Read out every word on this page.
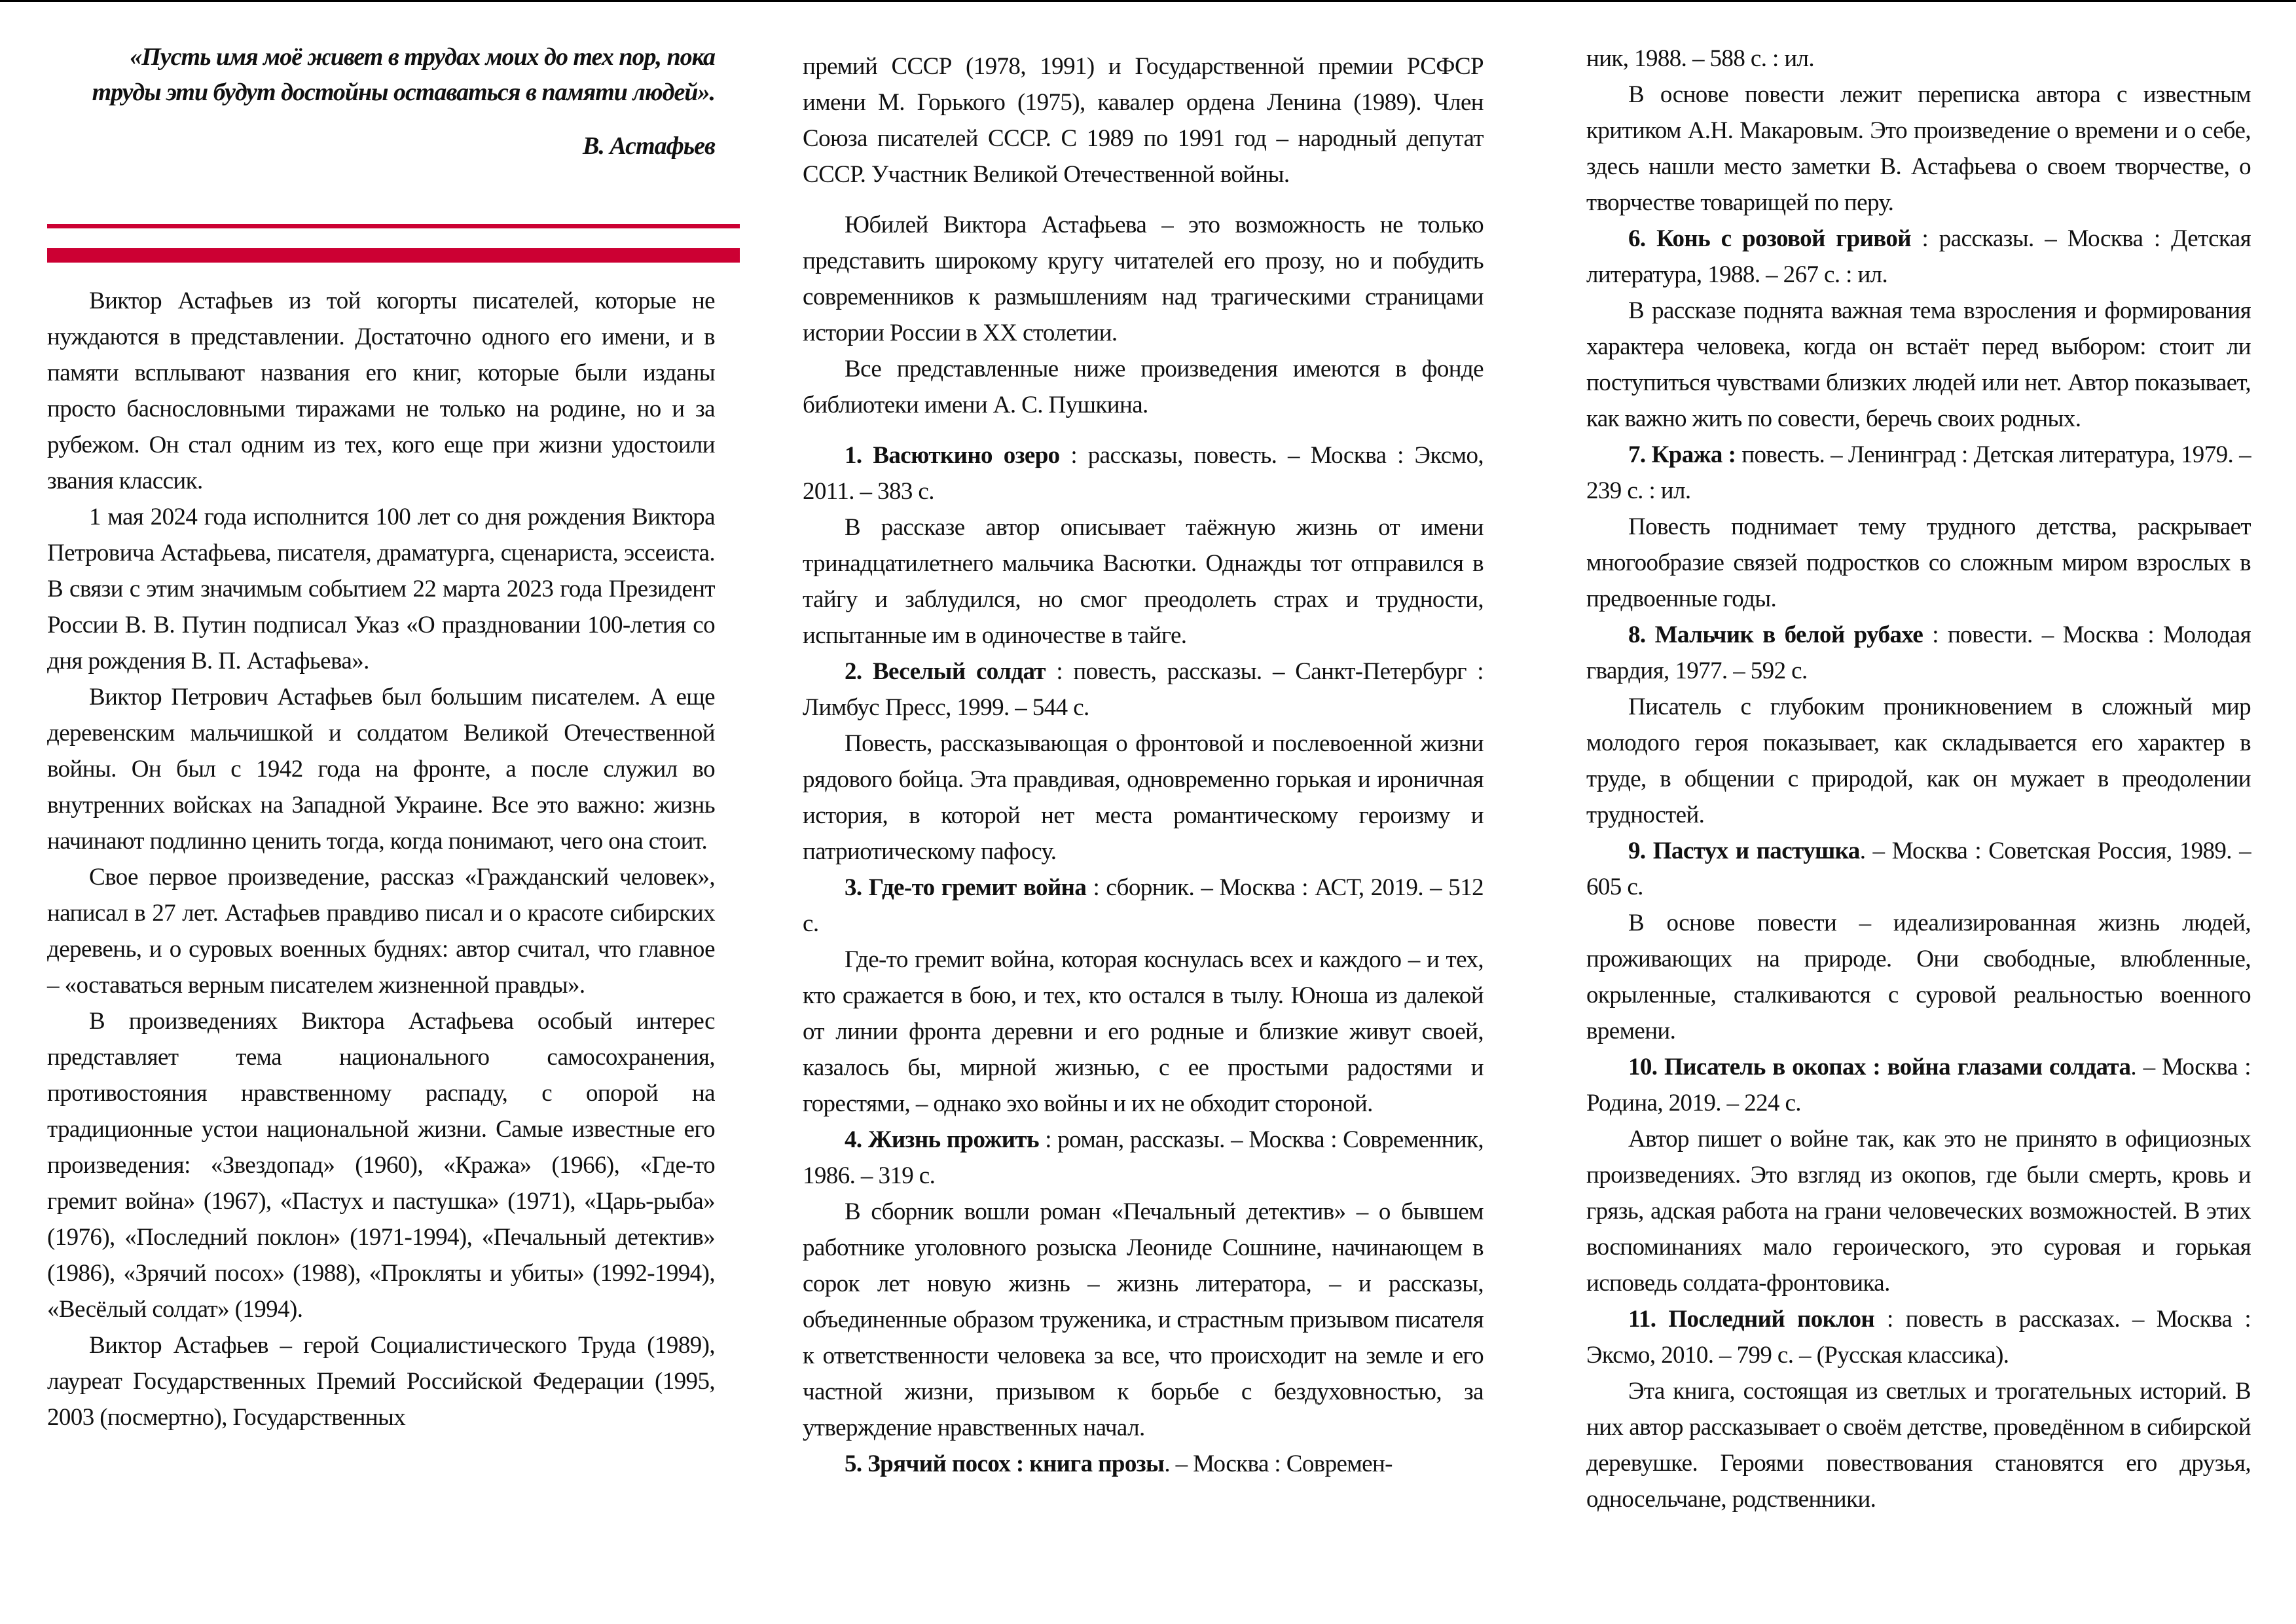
«Пусть имя моё живет в трудах моих до тех пор, пока труды эти будут достойны оставаться в памяти людей».
В. Астафьев

Виктор Астафьев из той когорты писателей, которые не нуждаются в представлении. Достаточно одного его имени, и в памяти всплывают названия его книг, которые были изданы просто баснословными тиражами не только на родине, но и за рубежом. Он стал одним из тех, кого еще при жизни удостоили звания классик.

1 мая 2024 года исполнится 100 лет со дня рождения Виктора Петровича Астафьева, писателя, драматурга, сценариста, эссеиста. В связи с этим значимым событием 22 марта 2023 года Президент России В. В. Путин подписал Указ «О праздновании 100-летия со дня рождения В. П. Астафьева».

Виктор Петрович Астафьев был большим писателем. А еще деревенским мальчишкой и солдатом Великой Отечественной войны. Он был с 1942 года на фронте, а после служил во внутренних войсках на Западной Украине. Все это важно: жизнь начинают подлинно ценить тогда, когда понимают, чего она стоит.

Свое первое произведение, рассказ «Гражданский человек», написал в 27 лет. Астафьев правдиво писал и о красоте сибирских деревень, и о суровых военных буднях: автор считал, что главное – «оставаться верным писателем жизненной правды».

В произведениях Виктора Астафьева особый интерес представляет тема национального самосохранения, противостояния нравственному распаду, с опорой на традиционные устои национальной жизни. Самые известные его произведения: «Звездопад» (1960), «Кража» (1966), «Где-то гремит война» (1967), «Пастух и пастушка» (1971), «Царь-рыба» (1976), «Последний поклон» (1971-1994), «Печальный детектив» (1986), «Зрячий посох» (1988), «Прокляты и убиты» (1992-1994), «Весёлый солдат» (1994).

Виктор Астафьев – герой Социалистического Труда (1989), лауреат Государственных Премий Российской Федерации (1995, 2003 (посмертно), Государственных

премий СССР (1978, 1991) и Государственной премии РСФСР имени М. Горького (1975), кавалер ордена Ленина (1989). Член Союза писателей СССР. С 1989 по 1991 год – народный депутат СССР. Участник Великой Отечественной войны.

Юбилей Виктора Астафьева – это возможность не только представить широкому кругу читателей его прозу, но и побудить современников к размышлениям над трагическими страницами истории России в XX столетии.

Все представленные ниже произведения имеются в фонде библиотеки имени А. С. Пушкина.

1. Васюткино озеро : рассказы, повесть. – Москва : Эксмо, 2011. – 383 с.

В рассказе автор описывает таёжную жизнь от имени тринадцатилетнего мальчика Васютки. Однажды тот отправился в тайгу и заблудился, но смог преодолеть страх и трудности, испытанные им в одиночестве в тайге.

2. Веселый солдат : повесть, рассказы. – Санкт-Петербург : Лимбус Пресс, 1999. – 544 с.

Повесть, рассказывающая о фронтовой и послевоенной жизни рядового бойца. Эта правдивая, одновременно горькая и ироничная история, в которой нет места романтическому героизму и патриотическому пафосу.

3. Где-то гремит война : сборник. – Москва : АСТ, 2019. – 512 с.

Где-то гремит война, которая коснулась всех и каждого – и тех, кто сражается в бою, и тех, кто остался в тылу. Юноша из далекой от линии фронта деревни и его родные и близкие живут своей, казалось бы, мирной жизнью, с ее простыми радостями и горестями, – однако эхо войны и их не обходит стороной.

4. Жизнь прожить : роман, рассказы. – Москва : Современник, 1986. – 319 с.

В сборник вошли роман «Печальный детектив» – о бывшем работнике уголовного розыска Леониде Сошнине, начинающем в сорок лет новую жизнь – жизнь литератора, – и рассказы, объединенные образом труженика, и страстным призывом писателя к ответственности человека за все, что происходит на земле и его частной жизни, призывом к борьбе с бездуховностью, за утверждение нравственных начал.

5. Зрячий посох : книга прозы. – Москва : Современ-

ник, 1988. – 588 с. : ил.

В основе повести лежит переписка автора с известным критиком А.Н. Макаровым. Это произведение о времени и о себе, здесь нашли место заметки В. Астафьева о своем творчестве, о творчестве товарищей по перу.

6. Конь с розовой гривой : рассказы. – Москва : Детская литература, 1988. – 267 с. : ил.

В рассказе поднята важная тема взросления и формирования характера человека, когда он встаёт перед выбором: стоит ли поступиться чувствами близких людей или нет. Автор показывает, как важно жить по совести, беречь своих родных.

7. Кража : повесть. – Ленинград : Детская литература, 1979. – 239 с. : ил.

Повесть поднимает тему трудного детства, раскрывает многообразие связей подростков со сложным миром взрослых в предвоенные годы.

8. Мальчик в белой рубахе : повести. – Москва : Молодая гвардия, 1977. – 592 с.

Писатель с глубоким проникновением в сложный мир молодого героя показывает, как складывается его характер в труде, в общении с природой, как он мужает в преодолении трудностей.

9. Пастух и пастушка. – Москва : Советская Россия, 1989. – 605 с.

В основе повести – идеализированная жизнь людей, проживающих на природе. Они свободные, влюбленные, окрыленные, сталкиваются с суровой реальностью военного времени.

10. Писатель в окопах : война глазами солдата. – Москва : Родина, 2019. – 224 с.

Автор пишет о войне так, как это не принято в официозных произведениях. Это взгляд из окопов, где были смерть, кровь и грязь, адская работа на грани человеческих возможностей. В этих воспоминаниях мало героического, это суровая и горькая исповедь солдата-фронтовика.

11. Последний поклон : повесть в рассказах. – Москва : Эксмо, 2010. – 799 с. – (Русская классика).

Эта книга, состоящая из светлых и трогательных историй. В них автор рассказывает о своём детстве, проведённом в сибирской деревушке. Героями повествования становятся его друзья, односельчане, родственники.
